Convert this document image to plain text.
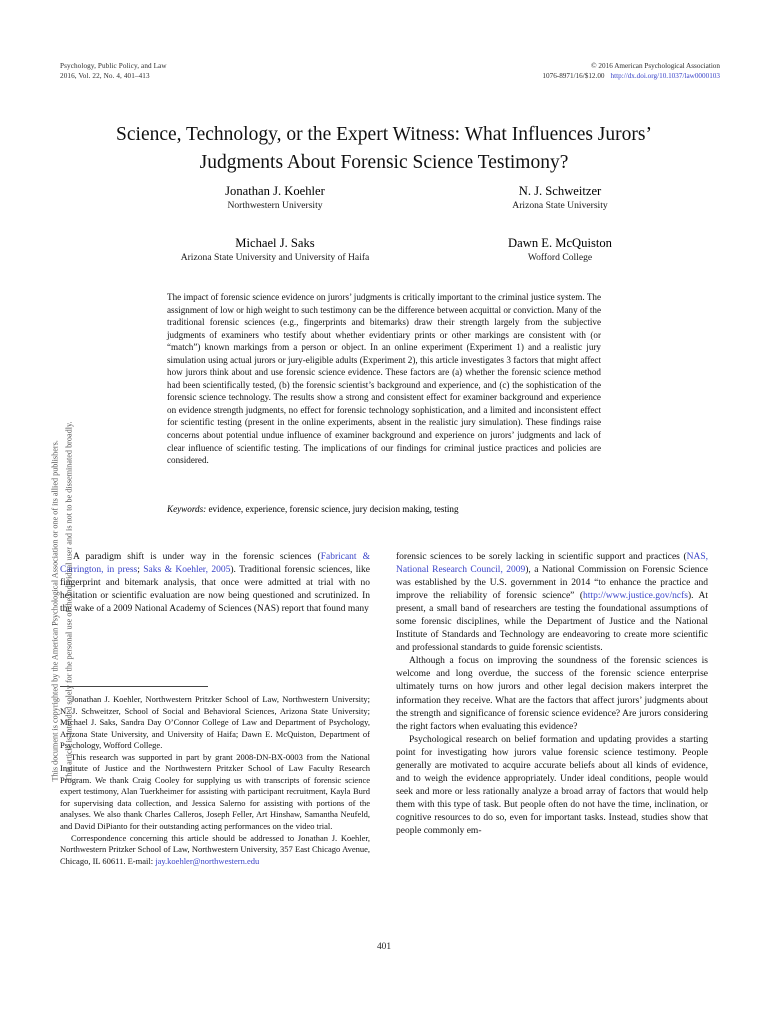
Psychology, Public Policy, and Law
2016, Vol. 22, No. 4, 401–413
© 2016 American Psychological Association
1076-8971/16/$12.00 http://dx.doi.org/10.1037/law0000103
Science, Technology, or the Expert Witness: What Influences Jurors’
Judgments About Forensic Science Testimony?
Jonathan J. Koehler
Northwestern University
N. J. Schweitzer
Arizona State University
Michael J. Saks
Arizona State University and University of Haifa
Dawn E. McQuiston
Wofford College
The impact of forensic science evidence on jurors’ judgments is critically important to the criminal justice system. The assignment of low or high weight to such testimony can be the difference between acquittal or conviction. Many of the traditional forensic sciences (e.g., fingerprints and bitemarks) draw their strength largely from the subjective judgments of examiners who testify about whether evidentiary prints or other markings are consistent with (or “match”) known markings from a person or object. In an online experiment (Experiment 1) and a realistic jury simulation using actual jurors or jury-eligible adults (Experiment 2), this article investigates 3 factors that might affect how jurors think about and use forensic science evidence. These factors are (a) whether the forensic science method had been scientifically tested, (b) the forensic scientist’s background and experience, and (c) the sophistication of the forensic science technology. The results show a strong and consistent effect for examiner background and experience on evidence strength judgments, no effect for forensic technology sophistication, and a limited and inconsistent effect for scientific testing (present in the online experiments, absent in the realistic jury simulation). These findings raise concerns about potential undue influence of examiner background and experience on jurors’ judgments and lack of clear influence of scientific testing. The implications of our findings for criminal justice practices and policies are considered.
Keywords: evidence, experience, forensic science, jury decision making, testing

A paradigm shift is under way in the forensic sciences (Fabricant & Carrington, in press; Saks & Koehler, 2005). Traditional forensic sciences, like fingerprint and bitemark analysis, that once were admitted at trial with no hesitation or scientific evaluation are now being questioned and scrutinized. In the wake of a 2009 National Academy of Sciences (NAS) report that found many

Jonathan J. Koehler, Northwestern Pritzker School of Law, Northwestern University; N. J. Schweitzer, School of Social and Behavioral Sciences, Arizona State University; Michael J. Saks, Sandra Day O’Connor College of Law and Department of Psychology, Arizona State University, and University of Haifa; Dawn E. McQuiston, Department of Psychology, Wofford College.

This research was supported in part by grant 2008-DN-BX-0003 from the National Institute of Justice and the Northwestern Pritzker School of Law Faculty Research Program. We thank Craig Cooley for supplying us with transcripts of forensic science expert testimony, Alan Tuerkheimer for assisting with participant recruitment, Kayla Burd for supervising data collection, and Jessica Salerno for assisting with portions of the analyses. We also thank Charles Calleros, Joseph Feller, Art Hinshaw, Samantha Neufeld, and David DiPianto for their outstanding acting performances on the video trial.

Correspondence concerning this article should be addressed to Jonathan J. Koehler, Northwestern Pritzker School of Law, Northwestern University, 357 East Chicago Avenue, Chicago, IL 60611. E-mail: jay.koehler@northwestern.edu

forensic sciences to be sorely lacking in scientific support and practices (NAS, National Research Council, 2009), a National Commission on Forensic Science was established by the U.S. government in 2014 “to enhance the practice and improve the reliability of forensic science” (http://www.justice.gov/ncfs). At present, a small band of researchers are testing the foundational assumptions of some forensic disciplines, while the Department of Justice and the National Institute of Standards and Technology are endeavoring to create more scientific and professional standards to guide forensic scientists.

Although a focus on improving the soundness of the forensic sciences is welcome and long overdue, the success of the forensic science enterprise ultimately turns on how jurors and other legal decision makers interpret the information they receive. What are the factors that affect jurors’ judgments about the strength and significance of forensic science evidence? Are jurors considering the right factors when evaluating this evidence?

Psychological research on belief formation and updating provides a starting point for investigating how jurors value forensic science testimony. People generally are motivated to acquire accurate beliefs about all kinds of evidence, and to weigh the evidence appropriately. Under ideal conditions, people would seek and more or less rationally analyze a broad array of factors that would help them with this type of task. But people often do not have the time, inclination, or cognitive resources to do so, even for important tasks. Instead, studies show that people commonly em-

This document is copyrighted by the American Psychological Association or one of its allied publishers. This article is intended solely for the personal use of the individual user and is not to be disseminated broadly.
401
